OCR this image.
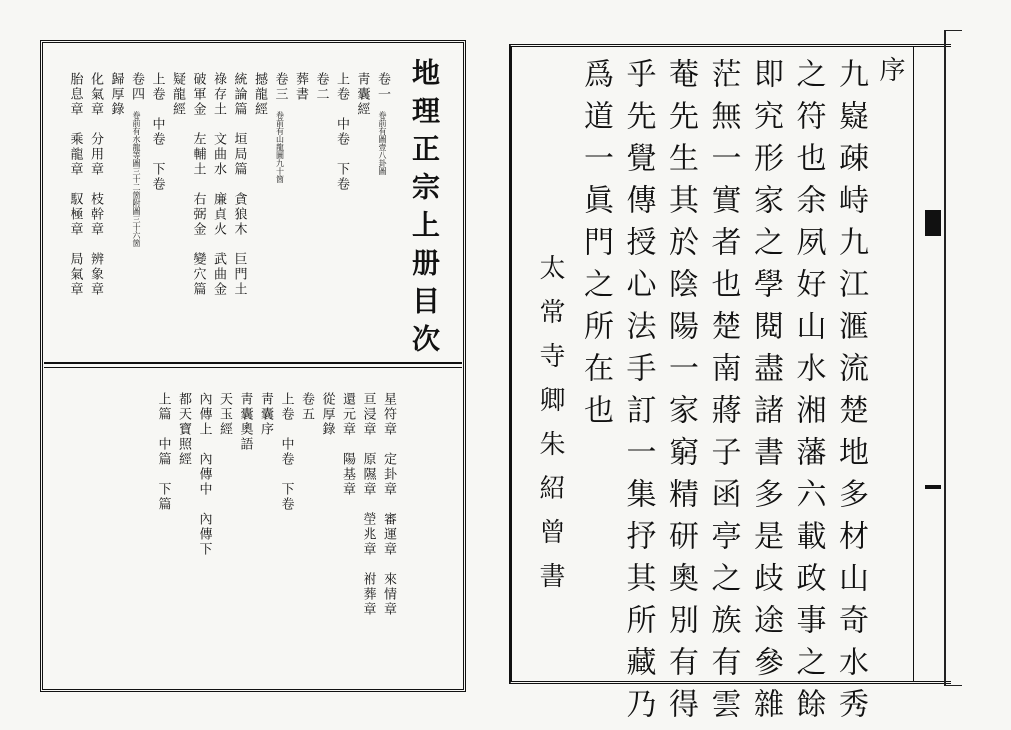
地理正宗上册目次
卷一 卷前有圖壹八卦圖
靑囊經
上卷　中卷　下卷
卷二
葬書
卷三 卷前有山龍圖九十箇
撼龍經
統論篇　垣局篇　貪狼木　巨門土
祿存土　文曲水　廉貞火　武曲金
破軍金　左輔土　右弼金　變穴篇
疑龍經
上卷　中卷　下卷
卷四 卷前有水龍等圖三十二箇附圖三十六箇
歸厚錄
化氣章　分用章　枝幹章　辨象章
胎息章　乘龍章　馭極章　局氣章
星符章　定卦章　審運章　來情章
亘浸章　原隰章　塋兆章　祔葬章
還元章　陽基章
從厚錄
卷五
上卷　中卷　下卷
靑囊序
靑囊奧語
天玉經
內傳上　內傳中　內傳下
都天寶照經
上篇　中篇　下篇
序
九嶷疎峙九江滙流楚地多材山奇水秀
之符也余夙好山水湘藩六載政事之餘
即究形家之學閱盡諸書多是歧途參雜
茫無一實者也楚南蔣子函亭之族有雲
菴先生其於陰陽一家窮精研奧別有得
乎先覺傳授心法手訂一集抒其所藏乃
爲道一眞門之所在也
太常寺卿朱紹曾書
